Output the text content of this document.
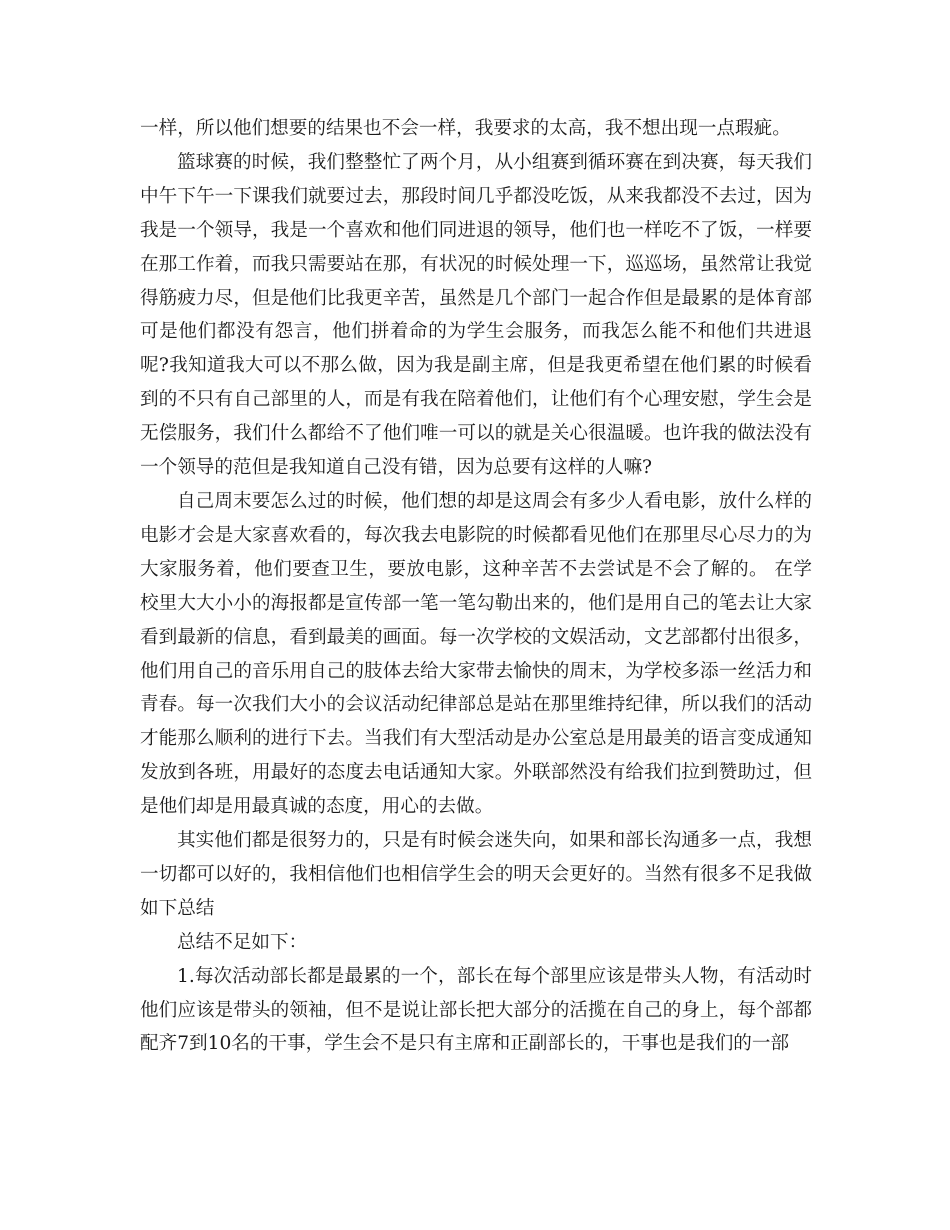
一样，所以他们想要的结果也不会一样，我要求的太高，我不想出现一点瑕疵。

篮球赛的时候，我们整整忙了两个月，从小组赛到循环赛在到决赛，每天我们中午下午一下课我们就要过去，那段时间几乎都没吃饭，从来我都没不去过，因为我是一个领导，我是一个喜欢和他们同进退的领导，他们也一样吃不了饭，一样要在那工作着，而我只需要站在那，有状况的时候处理一下，巡巡场，虽然常让我觉得筋疲力尽，但是他们比我更辛苦，虽然是几个部门一起合作但是最累的是体育部可是他们都没有怨言，他们拼着命的为学生会服务，而我怎么能不和他们共进退呢?我知道我大可以不那么做，因为我是副主席，但是我更希望在他们累的时候看到的不只有自己部里的人，而是有我在陪着他们，让他们有个心理安慰，学生会是无偿服务，我们什么都给不了他们唯一可以的就是关心很温暖。也许我的做法没有一个领导的范但是我知道自己没有错，因为总要有这样的人嘛?

自己周末要怎么过的时候，他们想的却是这周会有多少人看电影，放什么样的电影才会是大家喜欢看的，每次我去电影院的时候都看见他们在那里尽心尽力的为大家服务着，他们要查卫生，要放电影，这种辛苦不去尝试是不会了解的。 在学校里大大小小的海报都是宣传部一笔一笔勾勒出来的，他们是用自己的笔去让大家看到最新的信息，看到最美的画面。每一次学校的文娱活动，文艺部都付出很多，他们用自己的音乐用自己的肢体去给大家带去愉快的周末，为学校多添一丝活力和青春。每一次我们大小的会议活动纪律部总是站在那里维持纪律，所以我们的活动才能那么顺利的进行下去。当我们有大型活动是办公室总是用最美的语言变成通知发放到各班，用最好的态度去电话通知大家。外联部然没有给我们拉到赞助过，但是他们却是用最真诚的态度，用心的去做。

其实他们都是很努力的，只是有时候会迷失向，如果和部长沟通多一点，我想一切都可以好的，我相信他们也相信学生会的明天会更好的。当然有很多不足我做如下总结

总结不足如下：

1.每次活动部长都是最累的一个，部长在每个部里应该是带头人物，有活动时他们应该是带头的领袖，但不是说让部长把大部分的活揽在自己的身上，每个部都配齐7到10名的干事，学生会不是只有主席和正副部长的，干事也是我们的一部
